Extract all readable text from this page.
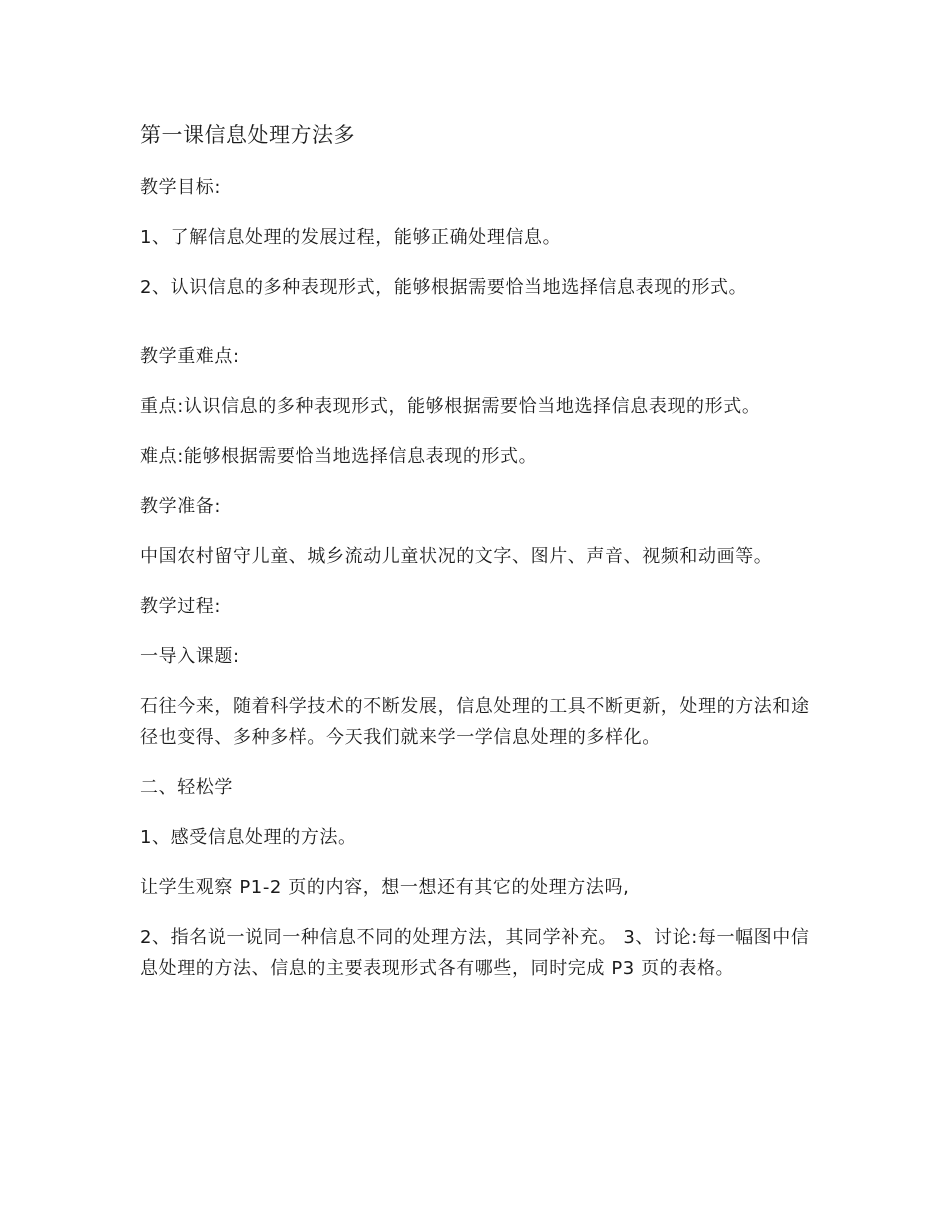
第一课信息处理方法多

教学目标:

1、了解信息处理的发展过程，能够正确处理信息。

2、认识信息的多种表现形式，能够根据需要恰当地选择信息表现的形式。

教学重难点:

重点:认识信息的多种表现形式，能够根据需要恰当地选择信息表现的形式。

难点:能够根据需要恰当地选择信息表现的形式。

教学准备:

中国农村留守儿童、城乡流动儿童状况的文字、图片、声音、视频和动画等。

教学过程:

一导入课题:

石往今来，随着科学技术的不断发展，信息处理的工具不断更新，处理的方法和途径也变得、多种多样。今天我们就来学一学信息处理的多样化。

二、轻松学

1、感受信息处理的方法。

让学生观察 P1-2 页的内容，想一想还有其它的处理方法吗,

2、指名说一说同一种信息不同的处理方法，其同学补充。 3、讨论:每一幅图中信息处理的方法、信息的主要表现形式各有哪些，同时完成 P3 页的表格。
